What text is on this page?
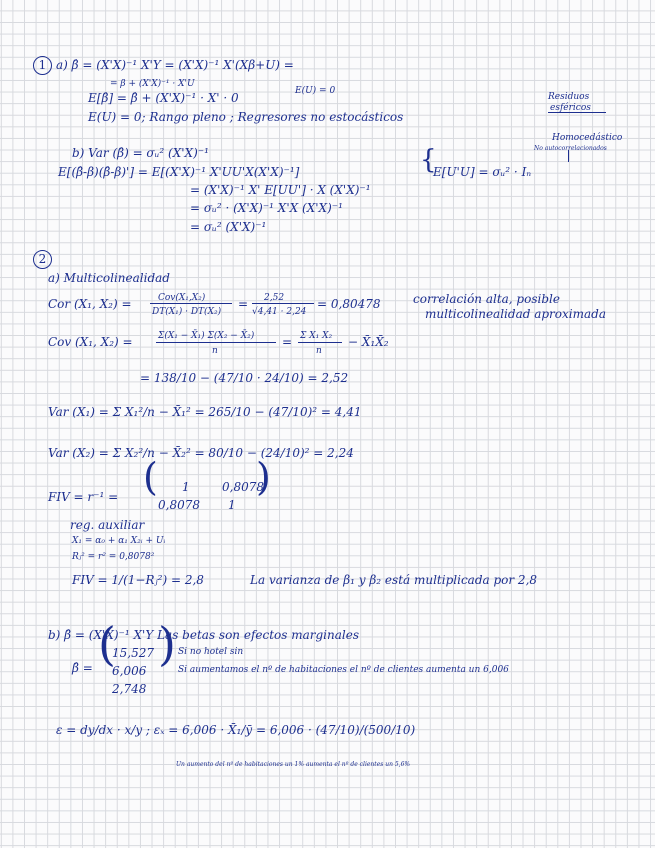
1 a) β̂ = (X'X)⁻¹ X'Y = (X'X)⁻¹ X'(Xβ+U) =
= β + (X'X)⁻¹ · X'U
E[β̂] = β̂ + (X'X)⁻¹ · X' · 0	E(U) = 0
E(U) = 0; Rango pleno ; Regresores no estocásticos
Residuos
esféricos
Homocedástico
No autocorrelacionados
b) Var (β̂) = σᵤ² (X'X)⁻¹
E[(β̂-β)(β̂-β)'] = E[(X'X)⁻¹ X'UU'X(X'X)⁻¹]	{
E[U'U] = σᵤ² · Iₙ
= (X'X)⁻¹ X' E[UU'] · X (X'X)⁻¹
= σᵤ² · (X'X)⁻¹ X'X (X'X)⁻¹
= σᵤ² (X'X)⁻¹
2
a) Multicolinealidad
Cor (X₁, X₂) =	Cov(X₁,X₂)
DT(X₁) · DT(X₂)
= 2,52
√4,41 · 2,24
= 0,80478	correlación alta, posible
multicolinealidad aproximada
Cov (X₁, X₂) =	Σ(X₁ − X̄₁) Σ(X₂ − X̄₂)
n
= Σ X₁ X₂
n
− X̄₁X̄₂
= 138/10 − (47/10 · 24/10) = 2,52
Var (X₁) = Σ X₁²/n − X̄₁² = 265/10 − (47/10)² = 4,41
Var (X₂) = Σ X₂²/n − X̄₂² = 80/10 − (24/10)² = 2,24
FIV = r⁻¹ = ( 1	0,8078
0,8078 1
)
reg. auxiliar
X₁ = α₀ + α₁ X₂ᵢ + Uᵢ
Rⱼ² = r² = 0,8078²
FIV = 1/(1−Rⱼ²) = 2,8	La varianza de β₁ y β₂ está multiplicada por 2,8
b) β̂ = (X'X)⁻¹ X'Y Las betas son efectos marginales
β̂ = (
15,527
6,006
2,748
) Si no hotel sin
Si aumentamos el nº de habitaciones el nº de clientes aumenta un 6,006
ε = dy/dx · x/y ; εₓ = 6,006 · X̄₁/ȳ = 6,006 · (47/10)/(500/10)
Un aumento del nº de habitaciones un 1% aumenta el nº de clientes un 5,6%
